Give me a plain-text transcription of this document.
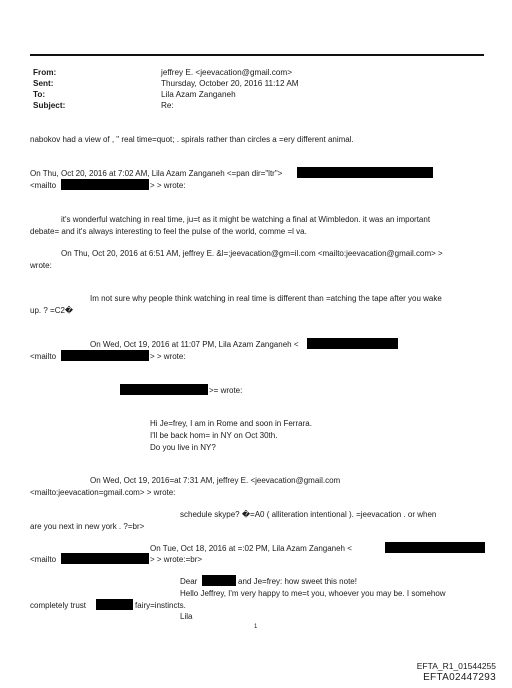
From:	jeffrey E. <jeevacation@gmail.com>
Sent:	Thursday, October 20, 2016 11:12 AM
To:	Lila Azam Zanganeh
Subject:	Re:
nabokov had a view of , " real time=quot; . spirals rather than circles a =ery different animal.
On Thu, Oct 20, 2016 at 7:02 AM, Lila Azam Zanganeh <=pan dir="ltr">
<mailto	> > wrote:
it's wonderful watching in real time, ju=t as it might be watching a final at Wimbledon. it was an important
debate= and it's always interesting to feel the pulse of the world, comme =l va.
On Thu, Oct 20, 2016 at 6:51 AM, jeffrey E. &l=;jeevacation@gm=il.com <mailto:jeevacation@gmail.com> >
wrote:
Im not sure why people think watching in real time is different than =atching the tape after you wake
up. ? =C2�
On Wed, Oct 19, 2016 at 11:07 PM, Lila Azam Zanganeh <
<mailto	> > wrote:
>= wrote:
Hi Je=frey, I am in Rome and soon in Ferrara.
I'll be back hom= in NY on Oct 30th.
Do you live in NY?
On Wed, Oct 19, 2016=at 7:31 AM, jeffrey E. <jeevacation@gmail.com
<mailto:jeevacation=gmail.com> > wrote:
schedule skype? �=A0 ( alliteration intentional ). =jeevacation . or when
are you next in new york . ?=br>
On Tue, Oct 18, 2016 at =:02 PM, Lila Azam Zanganeh <
<mailto	> > wrote:=br>
Dear	and Je=frey: how sweet this note!
Hello Jeffrey, I'm very happy to me=t you, whoever you may be. I somehow
completely trust	fairy=instincts.
Lila
1
EFTA_R1_01544255
EFTA02447293
